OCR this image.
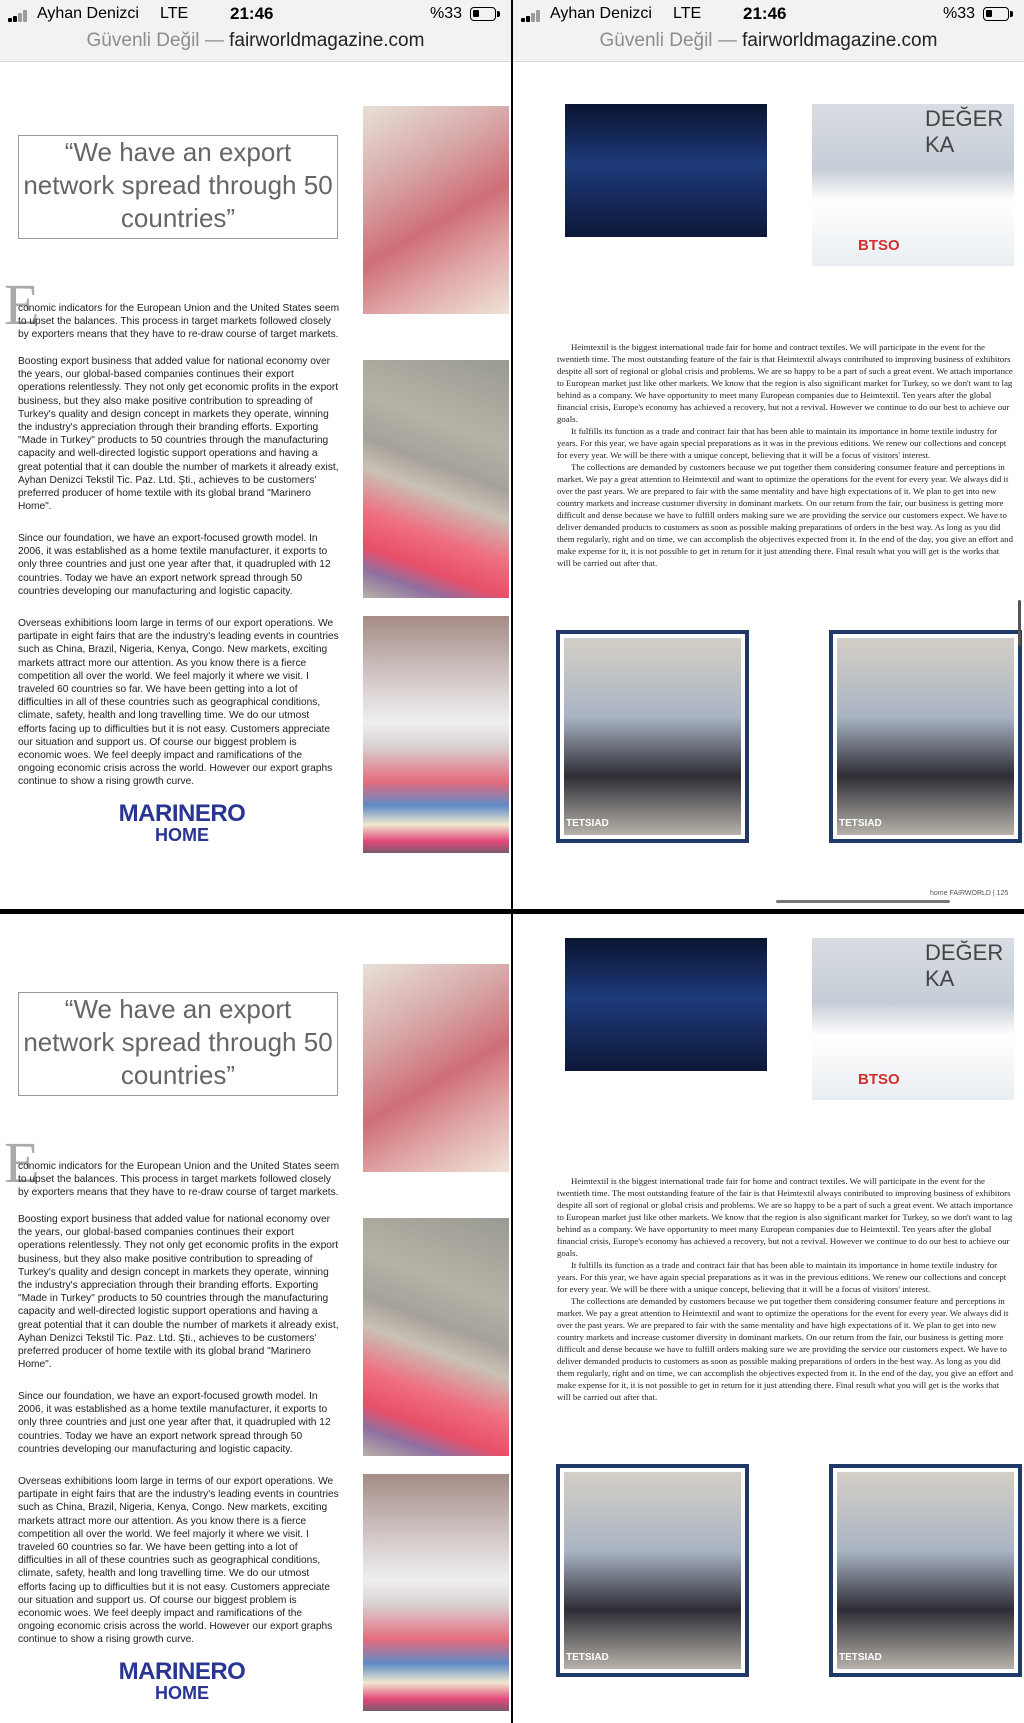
Ayhan Denizci LTE 21:46	%33
Güvenli Değil — fairworldmagazine.com
“We have an export network spread through 50 countries”
E

conomic indicators for the European Union and the United States seem to upset the balances. This process in target markets followed closely by exporters means that they have to re-draw course of target markets.

Boosting export business that added value for national economy over the years, our global-based companies continues their export operations relentlessly. They not only get economic profits in the export business, but they also make positive contribution to spreading of Turkey's quality and design concept in markets they operate, winning the industry's appreciation through their branding efforts. Exporting "Made in Turkey" products to 50 countries through the manufacturing capacity and well-directed logistic support operations and having a great potential that it can double the number of markets it already exist, Ayhan Denizci Tekstil Tic. Paz. Ltd. Şti., achieves to be customers' preferred producer of home textile with its global brand "Marinero Home".

Since our foundation, we have an export-focused growth model. In 2006, it was established as a home textile manufacturer, it exports to only three countries and just one year after that, it quadrupled with 12 countries. Today we have an export network spread through 50 countries developing our manufacturing and logistic capacity.

Overseas exhibitions loom large in terms of our export operations. We partipate in eight fairs that are the industry's leading events in countries such as China, Brazil, Nigeria, Kenya, Congo. New markets, exciting markets attract more our attention. As you know there is a fierce competition all over the world. We feel majorly it where we visit. I traveled 60 countries so far. We have been getting into a lot of difficulties in all of these countries such as geographical conditions, climate, safety, health and long travelling time. We do our utmost efforts facing up to difficulties but it is not easy. Customers appreciate our situation and support us. Of course our biggest problem is economic woes. We feel deeply impact and ramifications of the ongoing economic crisis across the world. However our export graphs continue to show a rising growth curve.

MARINERO
HOME
Ayhan Denizci LTE 21:46	%33
Güvenli Değil — fairworldmagazine.com
DEĞER KA
BTSO

Heimtextil is the biggest international trade fair for home and contract textiles. We will participate in the event for the twentieth time. The most outstanding feature of the fair is that Heimtextil always contributed to improving business of exhibitors despite all sort of regional or global crisis and problems. We are so happy to be a part of such a great event. We attach importance to European market just like other markets. We know that the region is also significant market for Turkey, so we don't want to lag behind as a company. We have opportunity to meet many European companies due to Heimtextil. Ten years after the global financial crisis, Europe's economy has achieved a recovery, but not a revival. However we continue to do our best to achieve our goals.

It fulfills its function as a trade and contract fair that has been able to maintain its importance in home textile industry for years. For this year, we have again special preparations as it was in the previous editions. We renew our collections and concept for every year. We will be there with a unique concept, believing that it will be a focus of visitors' interest.

The collections are demanded by customers because we put together them considering consumer feature and perceptions in market. We pay a great attention to Heimtextil and want to optimize the operations for the event for every year. We always did it over the past years. We are prepared to fair with the same mentality and have high expectations of it. We plan to get into new country markets and increase customer diversity in dominant markets. On our return from the fair, our business is getting more difficult and dense because we have to fulfill orders making sure we are providing the service our customers expect. We have to deliver demanded products to customers as soon as possible making preparations of orders in the best way. As long as you did them regularly, right and on time, we can accomplish the objectives expected from it. In the end of the day, you give an effort and make expense for it, it is not possible to get in return for it just attending there. Final result what you will get is the works that will be carried out after that.

TETSIAD	TETSIAD
home FAIRWORLD | 125
“We have an export network spread through 50 countries”
E

conomic indicators for the European Union and the United States seem to upset the balances. This process in target markets followed closely by exporters means that they have to re-draw course of target markets.

Boosting export business that added value for national economy over the years, our global-based companies continues their export operations relentlessly. They not only get economic profits in the export business, but they also make positive contribution to spreading of Turkey's quality and design concept in markets they operate, winning the industry's appreciation through their branding efforts. Exporting "Made in Turkey" products to 50 countries through the manufacturing capacity and well-directed logistic support operations and having a great potential that it can double the number of markets it already exist, Ayhan Denizci Tekstil Tic. Paz. Ltd. Şti., achieves to be customers' preferred producer of home textile with its global brand "Marinero Home".

Since our foundation, we have an export-focused growth model. In 2006, it was established as a home textile manufacturer, it exports to only three countries and just one year after that, it quadrupled with 12 countries. Today we have an export network spread through 50 countries developing our manufacturing and logistic capacity.

Overseas exhibitions loom large in terms of our export operations. We partipate in eight fairs that are the industry's leading events in countries such as China, Brazil, Nigeria, Kenya, Congo. New markets, exciting markets attract more our attention. As you know there is a fierce competition all over the world. We feel majorly it where we visit. I traveled 60 countries so far. We have been getting into a lot of difficulties in all of these countries such as geographical conditions, climate, safety, health and long travelling time. We do our utmost efforts facing up to difficulties but it is not easy. Customers appreciate our situation and support us. Of course our biggest problem is economic woes. We feel deeply impact and ramifications of the ongoing economic crisis across the world. However our export graphs continue to show a rising growth curve.

MARINERO
HOME
DEĞER KA
BTSO

Heimtextil is the biggest international trade fair for home and contract textiles. We will participate in the event for the twentieth time. The most outstanding feature of the fair is that Heimtextil always contributed to improving business of exhibitors despite all sort of regional or global crisis and problems. We are so happy to be a part of such a great event. We attach importance to European market just like other markets. We know that the region is also significant market for Turkey, so we don't want to lag behind as a company. We have opportunity to meet many European companies due to Heimtextil. Ten years after the global financial crisis, Europe's economy has achieved a recovery, but not a revival. However we continue to do our best to achieve our goals.

It fulfills its function as a trade and contract fair that has been able to maintain its importance in home textile industry for years. For this year, we have again special preparations as it was in the previous editions. We renew our collections and concept for every year. We will be there with a unique concept, believing that it will be a focus of visitors' interest.

The collections are demanded by customers because we put together them considering consumer feature and perceptions in market. We pay a great attention to Heimtextil and want to optimize the operations for the event for every year. We always did it over the past years. We are prepared to fair with the same mentality and have high expectations of it. We plan to get into new country markets and increase customer diversity in dominant markets. On our return from the fair, our business is getting more difficult and dense because we have to fulfill orders making sure we are providing the service our customers expect. We have to deliver demanded products to customers as soon as possible making preparations of orders in the best way. As long as you did them regularly, right and on time, we can accomplish the objectives expected from it. In the end of the day, you give an effort and make expense for it, it is not possible to get in return for it just attending there. Final result what you will get is the works that will be carried out after that.

TETSIAD	TETSIAD
